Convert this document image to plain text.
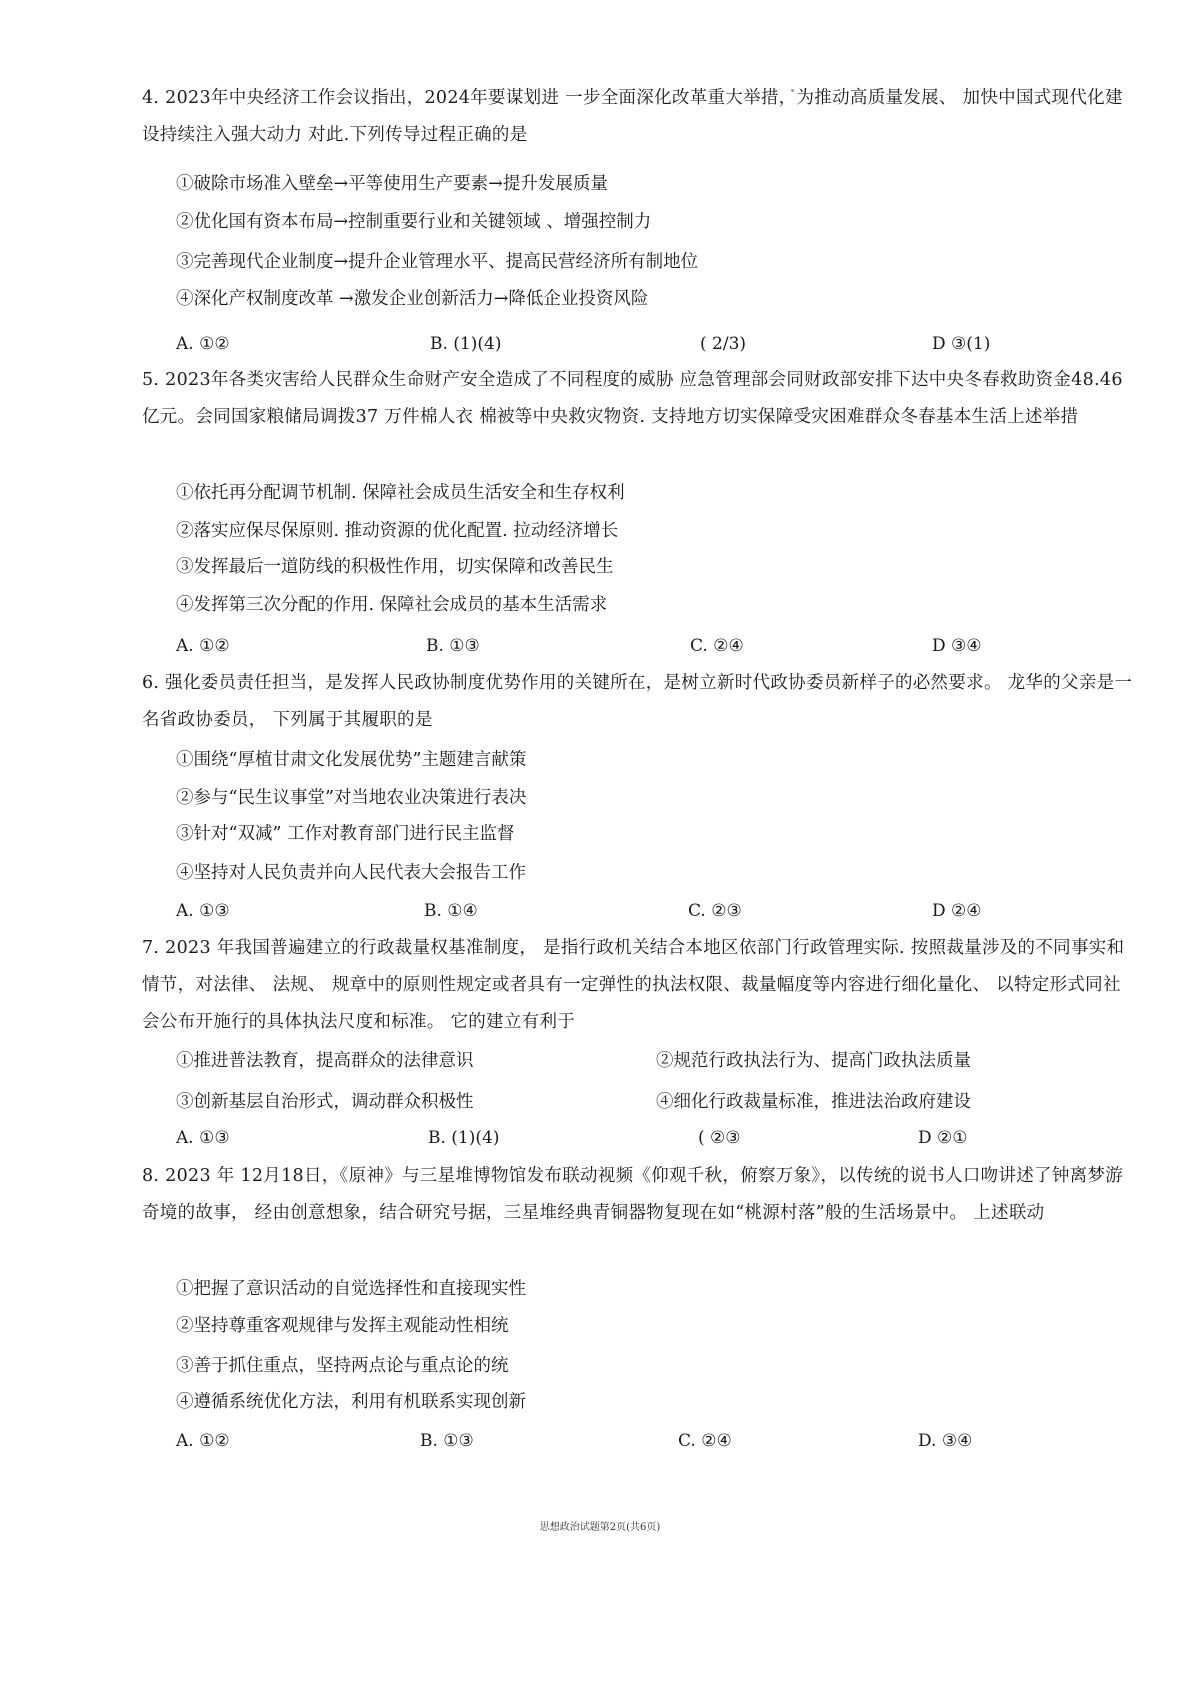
4. 2023年中央经济工作会议指出，2024年要谋划进 一步全面深化改革重大举措，为推动高质量发展、 加快中国式现代化建设持续注入强大动力 对此.下列传导过程正确的是
①破除市场准入壁垒→平等使用生产要素→提升发展质量
②优化国有资本布局→控制重要行业和关键领域 、增强控制力
③完善现代企业制度→提升企业管理水平、提高民营经济所有制地位
④深化产权制度改革 →激发企业创新活力→降低企业投资风险
A. ①②	B. (1)(4)	( 2/3)	D ③(1)
5. 2023年各类灾害给人民群众生命财产安全造成了不同程度的威胁 应急管理部会同财政部安排下达中央冬春救助资金48.46 亿元。会同国家粮储局调拨37 万件棉人衣 棉被等中央救灾物资. 支持地方切实保障受灾困难群众冬春基本生活上述举措
①依托再分配调节机制. 保障社会成员生活安全和生存权利
②落实应保尽保原则. 推动资源的优化配置. 拉动经济增长
③发挥最后一道防线的积极性作用，切实保障和改善民生
④发挥第三次分配的作用. 保障社会成员的基本生活需求
A. ①②	B. ①③	C. ②④	D ③④
6. 强化委员责任担当，是发挥人民政协制度优势作用的关键所在，是树立新时代政协委员新样子的必然要求。 龙华的父亲是一名省政协委员， 下列属于其履职的是
①围绕“厚植甘肃文化发展优势”主题建言献策
②参与“民生议事堂”对当地农业决策进行表决
③针对“双减” 工作对教育部门进行民主监督
④坚持对人民负责并向人民代表大会报告工作
A. ①③	B. ①④	C. ②③	D ②④
7. 2023 年我国普遍建立的行政裁量权基准制度， 是指行政机关结合本地区依部门行政管理实际. 按照裁量涉及的不同事实和情节，对法律、 法规、 规章中的原则性规定或者具有一定弹性的执法权限、裁量幅度等内容进行细化量化、 以特定形式同社会公布开施行的具体执法尺度和标准。 它的建立有利于
①推进普法教育，提高群众的法律意识	②规范行政执法行为、提高门政执法质量
③创新基层自治形式，调动群众积极性	④细化行政裁量标准，推进法治政府建设
A. ①③	B. (1)(4)	( ②③	D ②①
8. 2023 年 12月18日，《原神》与三星堆博物馆发布联动视频《仰观千秋，俯察万象》，以传统的说书人口吻讲述了钟离梦游奇境的故事， 经由创意想象，结合研究号据，三星堆经典青铜器物复现在如“桃源村落”般的生活场景中。 上述联动
①把握了意识活动的自觉选择性和直接现实性
②坚持尊重客观规律与发挥主观能动性相统
③善于抓住重点，坚持两点论与重点论的统
④遵循系统优化方法，利用有机联系实现创新
A. ①②	B. ①③	C. ②④	D. ③④
思想政治试题第2页(共6页)
